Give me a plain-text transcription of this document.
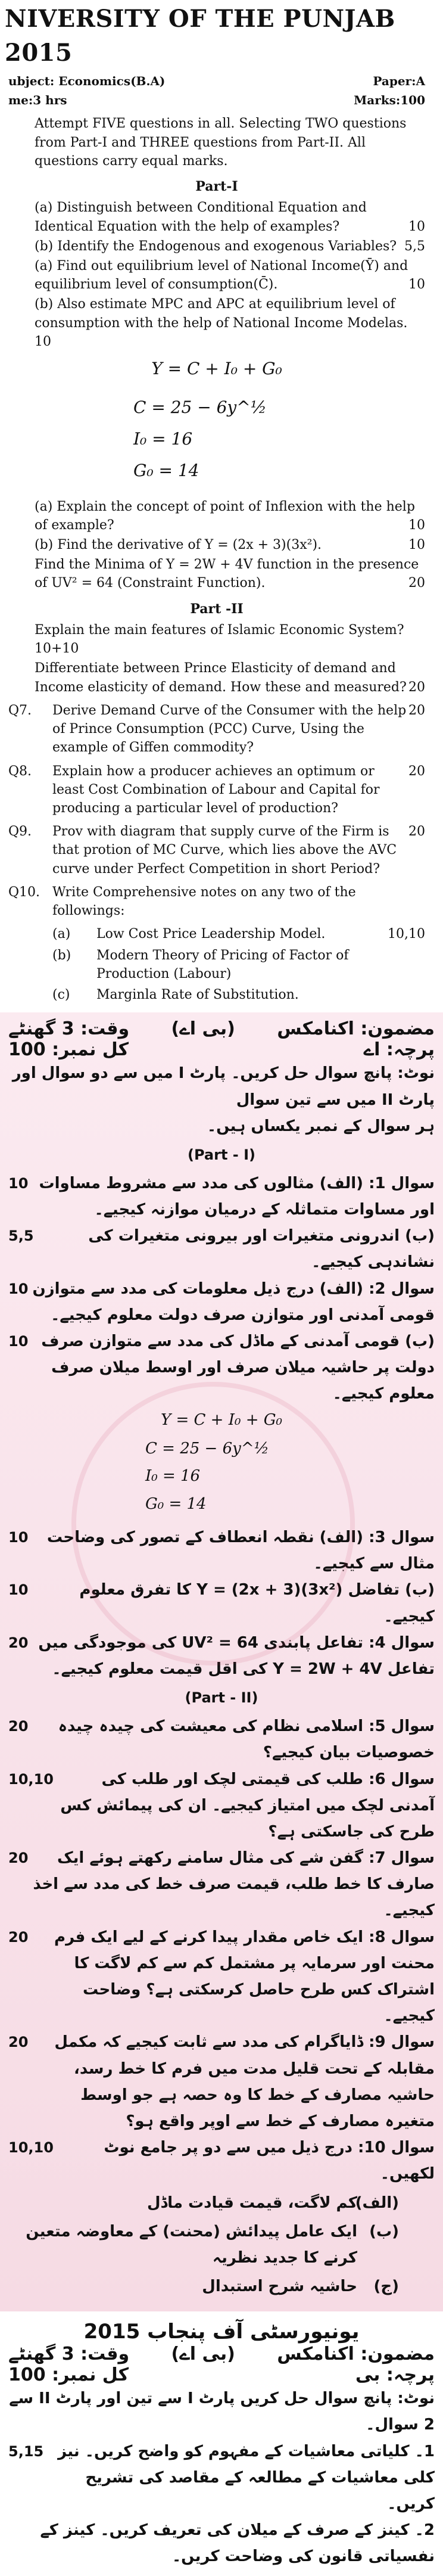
NIVERSITY OF THE PUNJAB 2015
ubject: Economics(B.A)	Paper:A
me:3 hrs	Marks:100
Attempt FIVE questions in all. Selecting TWO questions from Part-I and THREE questions from Part-II. All questions carry equal marks.
Part-I
(a) Distinguish between Conditional Equation and Identical Equation with the help of examples?	10
(b) Identify the Endogenous and exogenous Variables? 5,5
(a) Find out equilibrium level of National Income(Ȳ) and equilibrium level of consumption(C̄).	10
(b) Also estimate MPC and APC at equilibrium level of consumption with the help of National Income Modelas. 10
Y = C + I₀ + G₀
C = 25 − 6y^½
I₀ = 16
G₀ = 14
(a) Explain the concept of point of Inflexion with the help of example?	10
(b) Find the derivative of Y = (2x + 3)(3x²).	10
Find the Minima of Y = 2W + 4V function in the presence of UV² = 64 (Constraint Function).	20
Part -II
Explain the main features of Islamic Economic System?10+10
Differentiate between Prince Elasticity of demand and Income elasticity of demand. How these and measured? 20
Q7.	Derive Demand Curve of the Consumer with the help of Prince Consumption (PCC) Curve, Using the example of Giffen commodity?
20
Q8.	Explain how a producer achieves an optimum or least Cost Combination of Labour and Capital for producing a particular level of production?
20
Q9.	Prov with diagram that supply curve of the Firm is that protion of MC Curve, which lies above the AVC curve under Perfect Competition in short Period?
20
Q10. Write Comprehensive notes on any two of the followings:
(a)	Low Cost Price Leadership Model.	10,10
(b)	Modern Theory of Pricing of Factor of Production (Labour)
(c)	Marginla Rate of Substitution.
وقت: 3 گھنٹے (بی اے) مضمون: اکنامکس
کل نمبر: 100	پرچہ: اے
نوٹ: پانچ سوال حل کریں۔ پارٹ I میں سے دو سوال اور پارٹ II میں سے تین سوال
ہر سوال کے نمبر یکساں ہیں۔
(Part - I)
10 سوال 1: (الف) مثالوں کی مدد سے مشروط مساوات اور مساوات متماثلہ کے درمیان موازنہ کیجیے۔
5,5	(ب) اندرونی متغیرات اور بیرونی متغیرات کی نشاندہی کیجیے۔
10 سوال 2: (الف) درج ذیل معلومات کی مدد سے متوازن قومی آمدنی اور متوازن صرف دولت معلوم کیجیے۔
10 (ب) قومی آمدنی کے ماڈل کی مدد سے متوازن صرف دولت پر حاشیہ میلان صرف اور اوسط میلان صرف معلوم کیجیے۔
Y = C + I₀ + G₀
C = 25 − 6y^½
I₀ = 16
G₀ = 14
10	سوال 3: (الف) نقطہ انعطاف کے تصور کی وضاحت مثال سے کیجیے۔
10	(ب) تفاضل Y = (2x + 3)(3x²) کا تفرق معلوم کیجیے۔
20 سوال 4: تفاعل پابندی UV² = 64 کی موجودگی میں تفاعل Y = 2W + 4V کی اقل قیمت معلوم کیجیے۔
(Part - II)
20	سوال 5: اسلامی نظام کی معیشت کی چیدہ چیدہ خصوصیات بیان کیجیے؟
10,10	سوال 6: طلب کی قیمتی لچک اور طلب کی آمدنی لچک میں امتیاز کیجیے۔ ان کی پیمائش کس طرح کی جاسکتی ہے؟
20	سوال 7: گفن شے کی مثال سامنے رکھتے ہوئے ایک صارف کا خط طلب، قیمت صرف خط کی مدد سے اخذ کیجیے۔
20	سوال 8: ایک خاص مقدار پیدا کرنے کے لیے ایک فرم محنت اور سرمایہ پر مشتمل کم سے کم لاگت کا اشتراک کس طرح حاصل کرسکتی ہے؟ وضاحت کیجیے۔
20	سوال 9: ڈایاگرام کی مدد سے ثابت کیجیے کہ مکمل مقابلہ کے تحت قلیل مدت میں فرم کا خط رسد، حاشیہ مصارف کے خط کا وہ حصہ ہے جو اوسط متغیرہ مصارف کے خط سے اوپر واقع ہو؟
10,10	سوال 10: درج ذیل میں سے دو پر جامع نوٹ لکھیں۔
(الف)
کم لاگت، قیمت قیادت ماڈل
(ب)
ایک عامل پیدائش (محنت) کے معاوضہ متعین کرنے کا جدید نظریہ
(ج)
حاشیہ شرح استبدال
یونیورسٹی آف پنجاب 2015
وقت: 3 گھنٹے (بی اے) مضمون: اکنامکس
کل نمبر: 100	پرچہ: بی
نوٹ: پانچ سوال حل کریں پارٹ I سے تین اور پارٹ II سے 2 سوال۔
5,15 1۔ کلیاتی معاشیات کے مفہوم کو واضح کریں۔ نیز کلی معاشیات کے مطالعہ کے مقاصد کی تشریح کریں۔
2۔ کینز کے صرف کے میلان کی تعریف کریں۔ کینز کے نفسیاتی قانون کی وضاحت کریں۔
